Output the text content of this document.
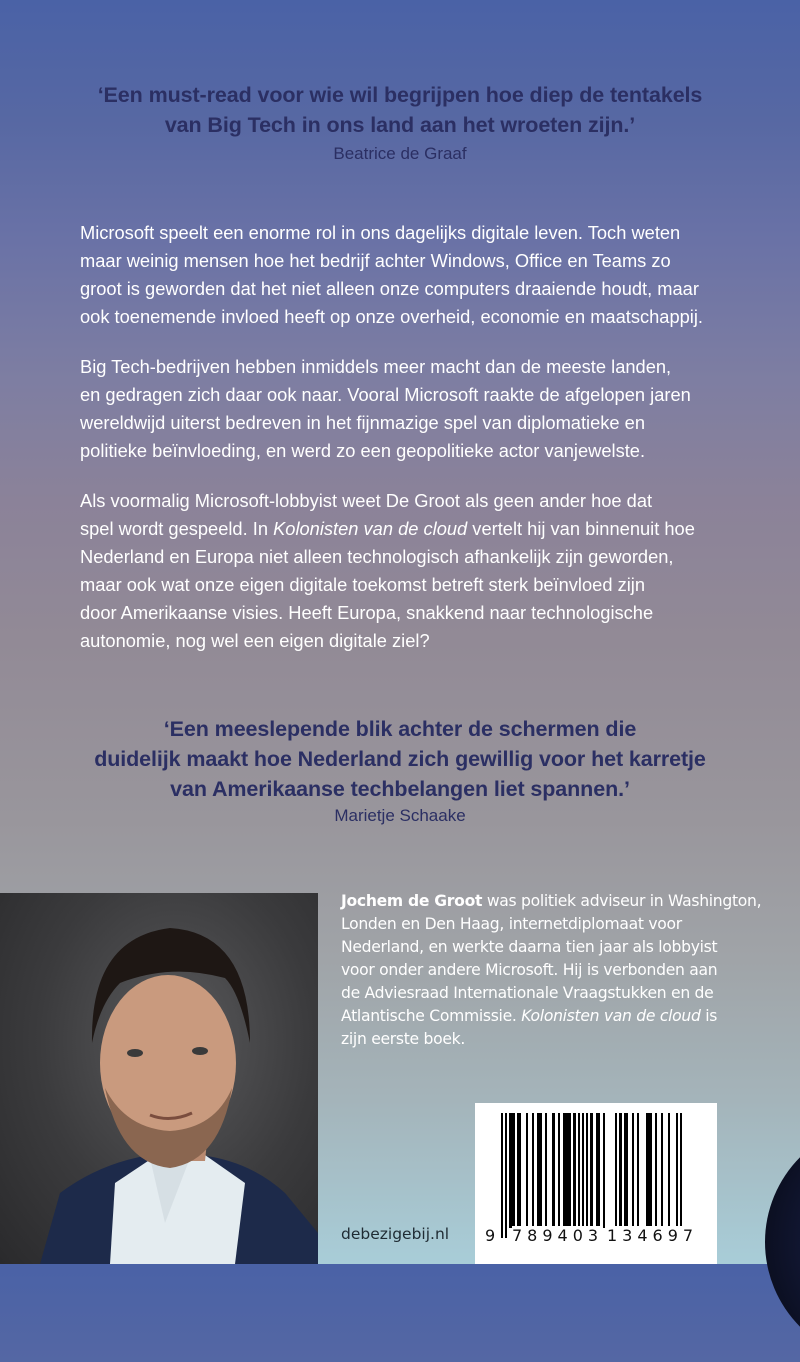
‘Een must-read voor wie wil begrijpen hoe diep de tentakels
van Big Tech in ons land aan het wroeten zijn.’
Beatrice de Graaf
Microsoft speelt een enorme rol in ons dagelijks digitale leven. Toch weten
maar weinig mensen hoe het bedrijf achter Windows, Office en Teams zo
groot is geworden dat het niet alleen onze computers draaiende houdt, maar
ook toenemende invloed heeft op onze overheid, economie en maatschappij.
Big Tech-bedrijven hebben inmiddels meer macht dan de meeste landen,
en gedragen zich daar ook naar. Vooral Microsoft raakte de afgelopen jaren
wereldwijd uiterst bedreven in het fijnmazige spel van diplomatieke en
politieke beïnvloeding, en werd zo een geopolitieke actor vanjewelste.
Als voormalig Microsoft-lobbyist weet De Groot als geen ander hoe dat
spel wordt gespeeld. In Kolonisten van de cloud vertelt hij van binnenuit hoe
Nederland en Europa niet alleen technologisch afhankelijk zijn geworden,
maar ook wat onze eigen digitale toekomst betreft sterk beïnvloed zijn
door Amerikaanse visies. Heeft Europa, snakkend naar technologische
autonomie, nog wel een eigen digitale ziel?
‘Een meeslepende blik achter de schermen die
duidelijk maakt hoe Nederland zich gewillig voor het karretje
van Amerikaanse techbelangen liet spannen.’
Marietje Schaake
Jochem de Groot was politiek adviseur in Washington,
Londen en Den Haag, internetdiplomaat voor
Nederland, en werkte daarna tien jaar als lobbyist
voor onder andere Microsoft. Hij is verbonden aan
de Adviesraad Internationale Vraagstukken en de
Atlantische Commissie. Kolonisten van de cloud is
zijn eerste boek.
debezigebij.nl 9 789403 134697
